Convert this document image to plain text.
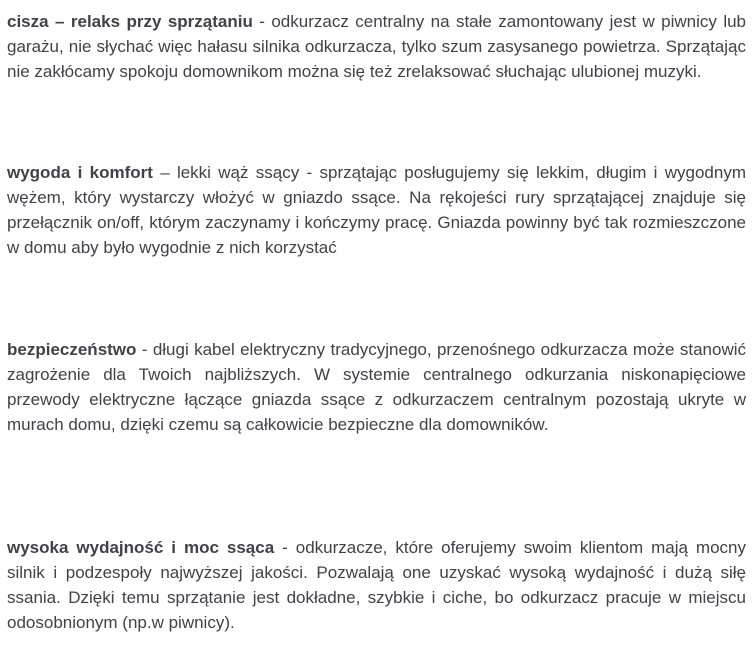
cisza – relaks przy sprzątaniu - odkurzacz centralny na stałe zamontowany jest w piwnicy lub garażu, nie słychać więc hałasu silnika odkurzacza, tylko szum zasysanego powietrza. Sprzątając nie zakłócamy spokoju domownikom można się też zrelaksować słuchając ulubionej muzyki.

wygoda i komfort – lekki wąż ssący - sprzątając posługujemy się lekkim, długim i wygodnym wężem, który wystarczy włożyć w gniazdo ssące. Na rękojeści rury sprzątającej znajduje się przełącznik on/off, którym zaczynamy i kończymy pracę. Gniazda powinny być tak rozmieszczone w domu aby było wygodnie z nich korzystać

bezpieczeństwo - długi kabel elektryczny tradycyjnego, przenośnego odkurzacza może stanowić zagrożenie dla Twoich najbliższych. W systemie centralnego odkurzania niskonapięciowe przewody elektryczne łączące gniazda ssące z odkurzaczem centralnym pozostają ukryte w murach domu, dzięki czemu są całkowicie bezpieczne dla domowników.

wysoka wydajność i moc ssąca - odkurzacze, które oferujemy swoim klientom mają mocny silnik i podzespoły najwyższej jakości. Pozwalają one uzyskać wysoką wydajność i dużą siłę ssania. Dzięki temu sprzątanie jest dokładne, szybkie i ciche, bo odkurzacz pracuje w miejscu odosobnionym (np.w piwnicy).
